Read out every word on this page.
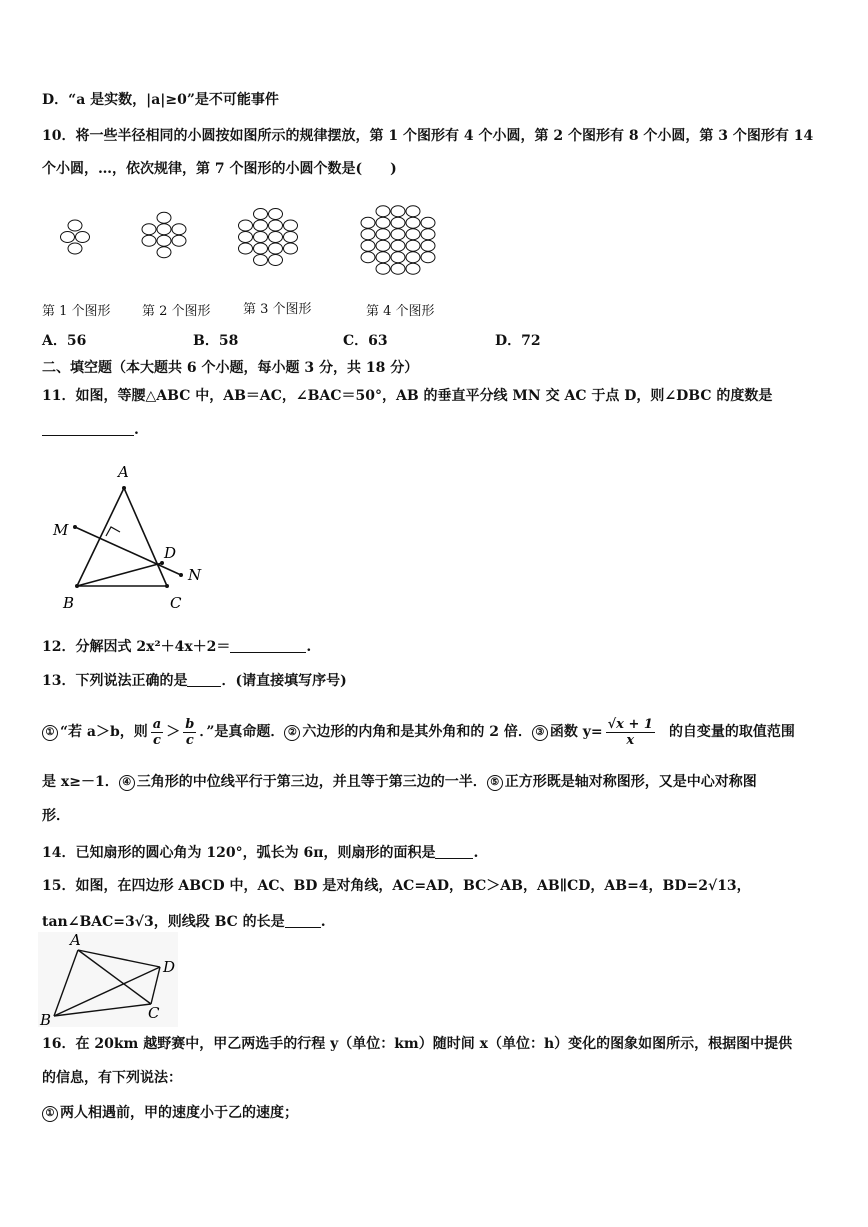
D．“a 是实数，|a|≥0”是不可能事件
10．将一些半径相同的小圆按如图所示的规律摆放，第 1 个图形有 4 个小圆，第 2 个图形有 8 个小圆，第 3 个图形有 14
个小圆，…，依次规律，第 7 个图形的小圆个数是(　　)
第 1 个图形 第 2 个图形 第 3 个图形	第 4 个图形
A．56	B．58	C．63	D．72
二、填空题（本大题共 6 个小题，每小题 3 分，共 18 分）
11．如图，等腰△ABC 中，AB＝AC，∠BAC＝50°，AB 的垂直平分线 MN 交 AC 于点 D，则∠DBC 的度数是
.
A
B	C
D
M
N
12．分解因式 2x²＋4x＋2＝	.
13．下列说法正确的是 ．(请直接填写序号)
① “若 a＞b，则 $\frac{a}{c} > \frac{b}{c}$ ．”是真命题． ② 六边形的内角和是其外角和的 2 倍． ③ 函数 $y= \frac{√x + 1}{x}$ 的自变量的取值范围
是 x≥－1． ④ 三角形的中位线平行于第三边，并且等于第三边的一半． ⑤ 正方形既是轴对称图形，又是中心对称图
形．
14．已知扇形的圆心角为 120°，弧长为 6π，则扇形的面积是	.
15．如图，在四边形 ABCD 中，AC、BD 是对角线，AC=AD，BC＞AB，AB∥CD，AB=4，BD=2√13，
tan∠BAC=3√3，则线段 BC 的长是	.
A
B	C
D
16．在 20km 越野赛中，甲乙两选手的行程 y（单位：km）随时间 x（单位：h）变化的图象如图所示，根据图中提供
的信息，有下列说法：
① 两人相遇前，甲的速度小于乙的速度；
